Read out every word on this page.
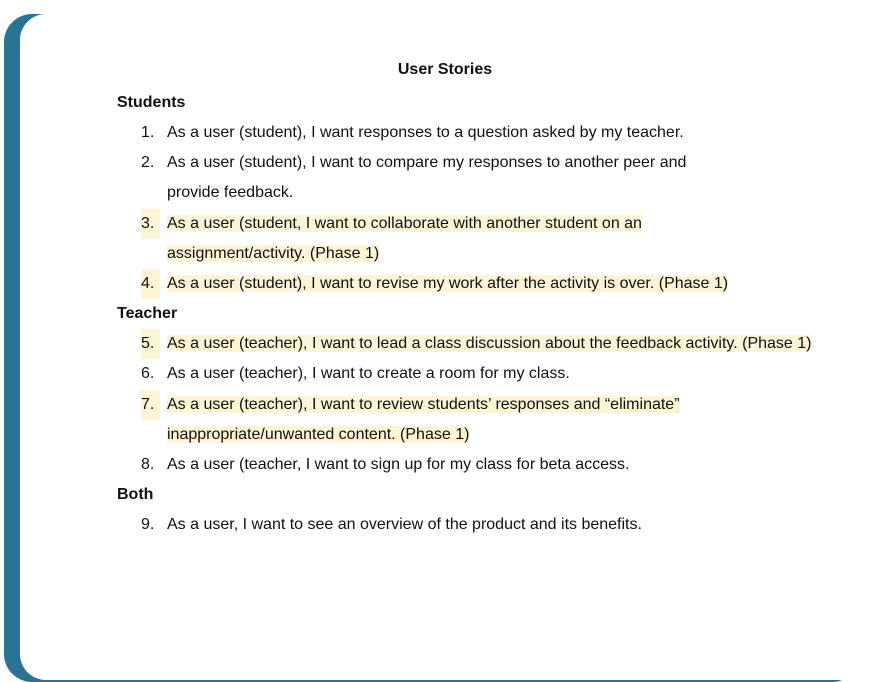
User Stories
Students
1. As a user (student), I want responses to a question asked by my teacher.
2. As a user (student), I want to compare my responses to another peer and provide feedback.
3. As a user (student, I want to collaborate with another student on an assignment/activity. (Phase 1)
4. As a user (student), I want to revise my work after the activity is over. (Phase 1)
Teacher
5. As a user (teacher), I want to lead a class discussion about the feedback activity. (Phase 1)
6. As a user (teacher), I want to create a room for my class.
7. As a user (teacher), I want to review students’ responses and “eliminate” inappropriate/unwanted content. (Phase 1)
8. As a user (teacher, I want to sign up for my class for beta access.
Both
9. As a user, I want to see an overview of the product and its benefits.
